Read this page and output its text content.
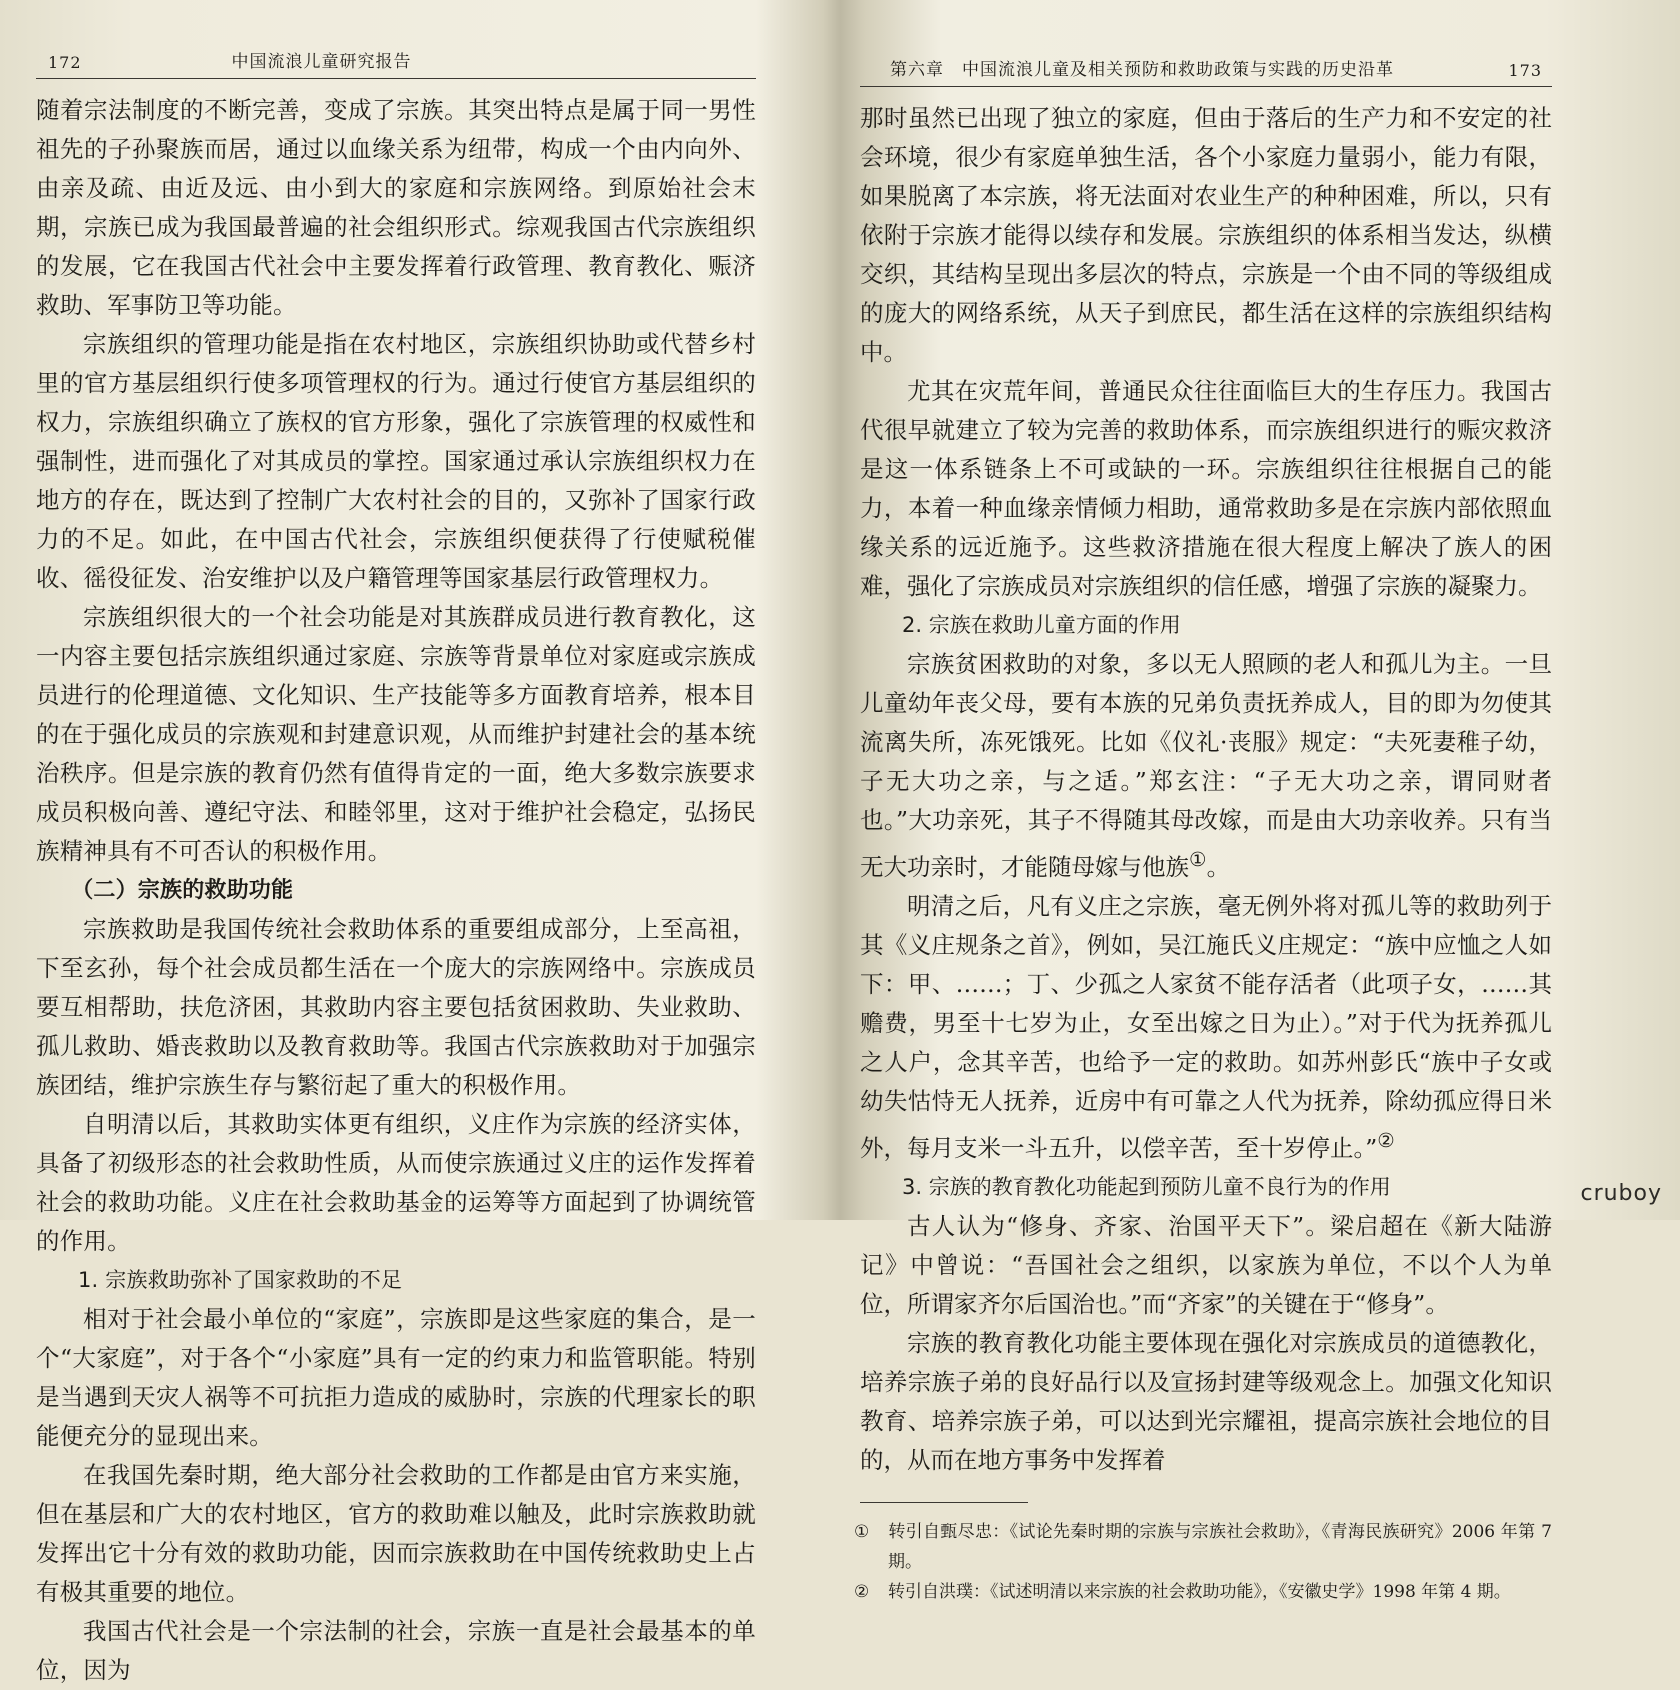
172	中国流浪儿童研究报告

随着宗法制度的不断完善，变成了宗族。其突出特点是属于同一男性祖先的子孙聚族而居，通过以血缘关系为纽带，构成一个由内向外、由亲及疏、由近及远、由小到大的家庭和宗族网络。到原始社会末期，宗族已成为我国最普遍的社会组织形式。综观我国古代宗族组织的发展，它在我国古代社会中主要发挥着行政管理、教育教化、赈济救助、军事防卫等功能。

宗族组织的管理功能是指在农村地区，宗族组织协助或代替乡村里的官方基层组织行使多项管理权的行为。通过行使官方基层组织的权力，宗族组织确立了族权的官方形象，强化了宗族管理的权威性和强制性，进而强化了对其成员的掌控。国家通过承认宗族组织权力在地方的存在，既达到了控制广大农村社会的目的，又弥补了国家行政力的不足。如此，在中国古代社会，宗族组织便获得了行使赋税催收、徭役征发、治安维护以及户籍管理等国家基层行政管理权力。

宗族组织很大的一个社会功能是对其族群成员进行教育教化，这一内容主要包括宗族组织通过家庭、宗族等背景单位对家庭或宗族成员进行的伦理道德、文化知识、生产技能等多方面教育培养，根本目的在于强化成员的宗族观和封建意识观，从而维护封建社会的基本统治秩序。但是宗族的教育仍然有值得肯定的一面，绝大多数宗族要求成员积极向善、遵纪守法、和睦邻里，这对于维护社会稳定，弘扬民族精神具有不可否认的积极作用。

（二）宗族的救助功能

宗族救助是我国传统社会救助体系的重要组成部分，上至高祖，下至玄孙，每个社会成员都生活在一个庞大的宗族网络中。宗族成员要互相帮助，扶危济困，其救助内容主要包括贫困救助、失业救助、孤儿救助、婚丧救助以及教育救助等。我国古代宗族救助对于加强宗族团结，维护宗族生存与繁衍起了重大的积极作用。

自明清以后，其救助实体更有组织，义庄作为宗族的经济实体，具备了初级形态的社会救助性质，从而使宗族通过义庄的运作发挥着社会的救助功能。义庄在社会救助基金的运筹等方面起到了协调统管的作用。

1. 宗族救助弥补了国家救助的不足

相对于社会最小单位的“家庭”，宗族即是这些家庭的集合，是一个“大家庭”，对于各个“小家庭”具有一定的约束力和监管职能。特别是当遇到天灾人祸等不可抗拒力造成的威胁时，宗族的代理家长的职能便充分的显现出来。

在我国先秦时期，绝大部分社会救助的工作都是由官方来实施，但在基层和广大的农村地区，官方的救助难以触及，此时宗族救助就发挥出它十分有效的救助功能，因而宗族救助在中国传统救助史上占有极其重要的地位。

我国古代社会是一个宗法制的社会，宗族一直是社会最基本的单位，因为

第六章　中国流浪儿童及相关预防和救助政策与实践的历史沿革	173

那时虽然已出现了独立的家庭，但由于落后的生产力和不安定的社会环境，很少有家庭单独生活，各个小家庭力量弱小，能力有限，如果脱离了本宗族，将无法面对农业生产的种种困难，所以，只有依附于宗族才能得以续存和发展。宗族组织的体系相当发达，纵横交织，其结构呈现出多层次的特点，宗族是一个由不同的等级组成的庞大的网络系统，从天子到庶民，都生活在这样的宗族组织结构中。

尤其在灾荒年间，普通民众往往面临巨大的生存压力。我国古代很早就建立了较为完善的救助体系，而宗族组织进行的赈灾救济是这一体系链条上不可或缺的一环。宗族组织往往根据自己的能力，本着一种血缘亲情倾力相助，通常救助多是在宗族内部依照血缘关系的远近施予。这些救济措施在很大程度上解决了族人的困难，强化了宗族成员对宗族组织的信任感，增强了宗族的凝聚力。

2. 宗族在救助儿童方面的作用

宗族贫困救助的对象，多以无人照顾的老人和孤儿为主。一旦儿童幼年丧父母，要有本族的兄弟负责抚养成人，目的即为勿使其流离失所，冻死饿死。比如《仪礼·丧服》规定：“夫死妻稚子幼，子无大功之亲，与之适。”郑玄注：“子无大功之亲，谓同财者也。”大功亲死，其子不得随其母改嫁，而是由大功亲收养。只有当无大功亲时，才能随母嫁与他族①。

明清之后，凡有义庄之宗族，毫无例外将对孤儿等的救助列于其《义庄规条之首》，例如，吴江施氏义庄规定：“族中应恤之人如下：甲、……；丁、少孤之人家贫不能存活者（此项子女，……其赡费，男至十七岁为止，女至出嫁之日为止）。”对于代为抚养孤儿之人户，念其辛苦，也给予一定的救助。如苏州彭氏“族中子女或幼失怙恃无人抚养，近房中有可靠之人代为抚养，除幼孤应得日米外，每月支米一斗五升，以偿辛苦，至十岁停止。”②

3. 宗族的教育教化功能起到预防儿童不良行为的作用

古人认为“修身、齐家、治国平天下”。梁启超在《新大陆游记》中曾说：“吾国社会之组织，以家族为单位，不以个人为单位，所谓家齐尔后国治也。”而“齐家”的关键在于“修身”。

宗族的教育教化功能主要体现在强化对宗族成员的道德教化，培养宗族子弟的良好品行以及宣扬封建等级观念上。加强文化知识教育、培养宗族子弟，可以达到光宗耀祖，提高宗族社会地位的目的，从而在地方事务中发挥着

① 转引自甄尽忠：《试论先秦时期的宗族与宗族社会救助》，《青海民族研究》2006 年第 7 期。

② 转引自洪璞：《试述明清以来宗族的社会救助功能》，《安徽史学》1998 年第 4 期。

cruboy
